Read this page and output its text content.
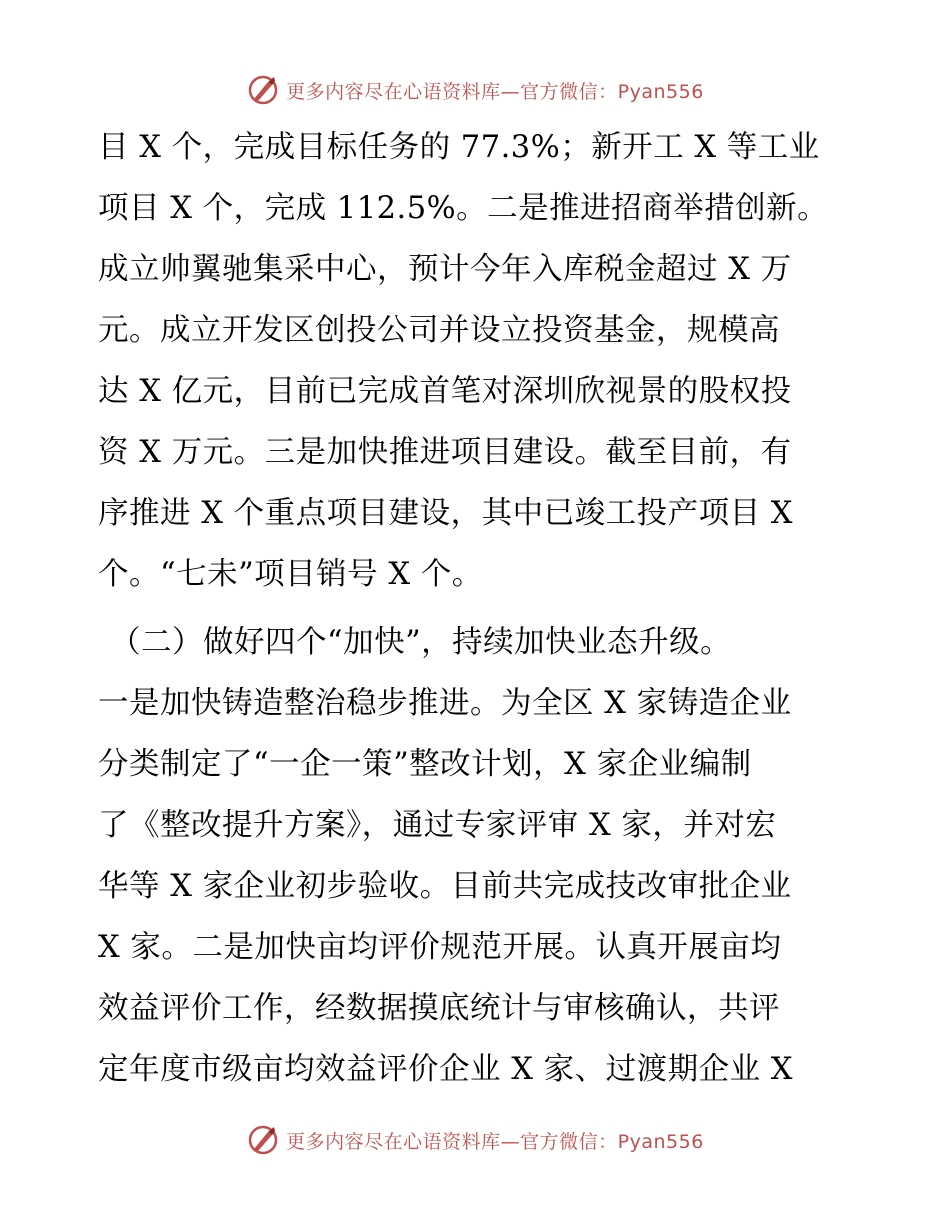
更多内容尽在心语资料库—官方微信：Pyan556
目 X 个，完成目标任务的 77.3%；新开工 X 等工业
项目 X 个，完成 112.5%。二是推进招商举措创新。
成立帅翼驰集采中心，预计今年入库税金超过 X 万
元。成立开发区创投公司并设立投资基金，规模高
达 X 亿元，目前已完成首笔对深圳欣视景的股权投
资 X 万元。三是加快推进项目建设。截至目前，有
序推进 X 个重点项目建设，其中已竣工投产项目 X
个。“七未”项目销号 X 个。
（二）做好四个“加快”，持续加快业态升级。
一是加快铸造整治稳步推进。为全区 X 家铸造企业
分类制定了“一企一策”整改计划，X 家企业编制
了《整改提升方案》，通过专家评审 X 家，并对宏
华等 X 家企业初步验收。目前共完成技改审批企业
X 家。二是加快亩均评价规范开展。认真开展亩均
效益评价工作，经数据摸底统计与审核确认，共评
定年度市级亩均效益评价企业 X 家、过渡期企业 X
更多内容尽在心语资料库—官方微信：Pyan556
